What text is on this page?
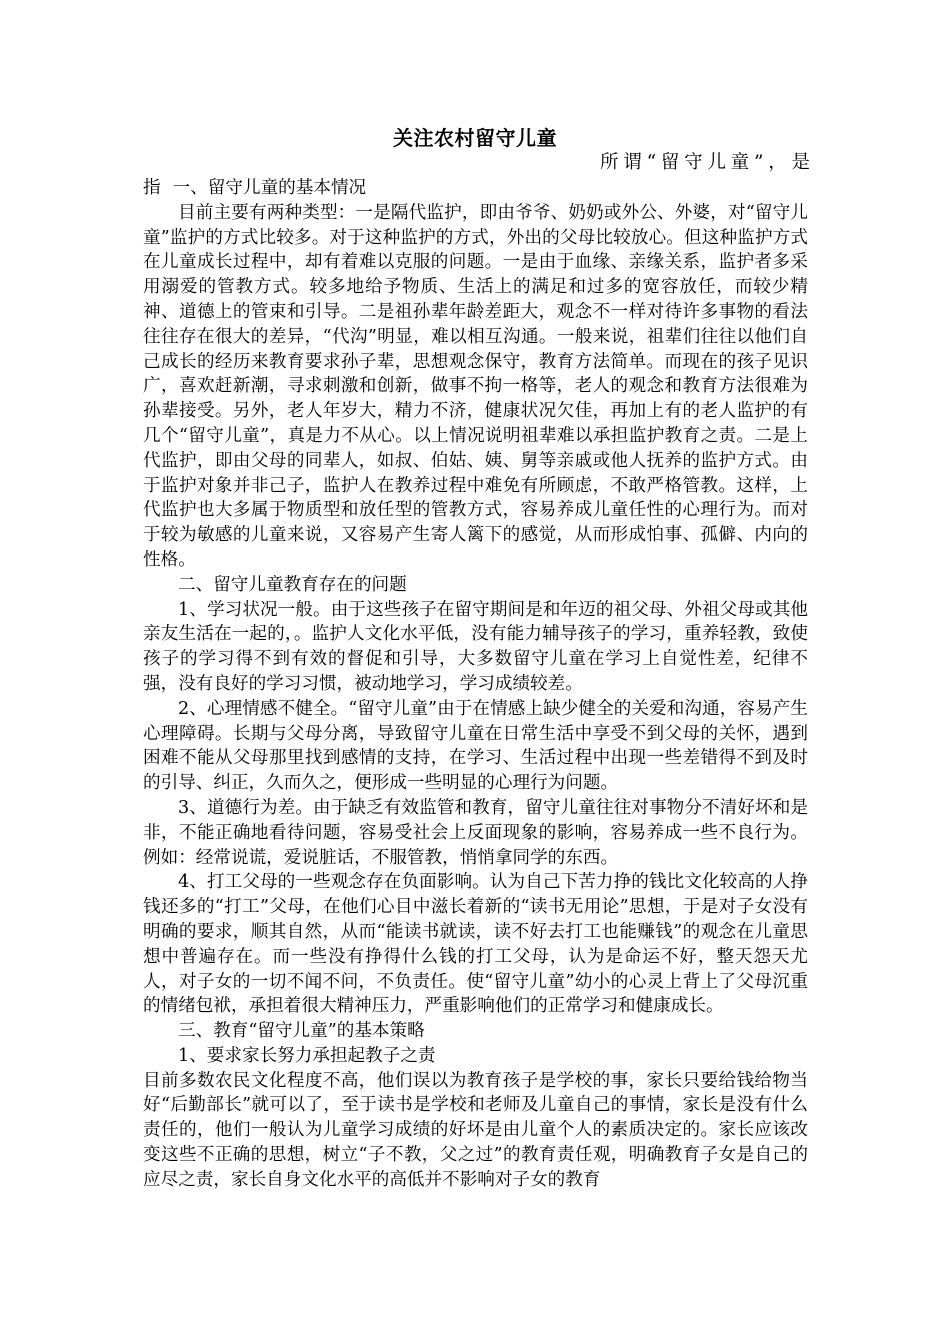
关注农村留守儿童
所谓“留守儿童”，是

指 一、留守儿童的基本情况

目前主要有两种类型：一是隔代监护，即由爷爷、奶奶或外公、外婆，对“留守儿童”监护的方式比较多。对于这种监护的方式，外出的父母比较放心。但这种监护方式在儿童成长过程中，却有着难以克服的问题。一是由于血缘、亲缘关系，监护者多采用溺爱的管教方式。较多地给予物质、生活上的满足和过多的宽容放任，而较少精神、道德上的管束和引导。二是祖孙辈年龄差距大，观念不一样对待许多事物的看法往往存在很大的差异，“代沟”明显，难以相互沟通。一般来说，祖辈们往往以他们自己成长的经历来教育要求孙子辈，思想观念保守，教育方法简单。而现在的孩子见识广，喜欢赶新潮，寻求刺激和创新，做事不拘一格等，老人的观念和教育方法很难为孙辈接受。另外，老人年岁大，精力不济，健康状况欠佳，再加上有的老人监护的有几个“留守儿童”，真是力不从心。以上情况说明祖辈难以承担监护教育之责。二是上代监护，即由父母的同辈人，如叔、伯姑、姨、舅等亲戚或他人抚养的监护方式。由于监护对象并非己子，监护人在教养过程中难免有所顾虑，不敢严格管教。这样，上代监护也大多属于物质型和放任型的管教方式，容易养成儿童任性的心理行为。而对于较为敏感的儿童来说，又容易产生寄人篱下的感觉，从而形成怕事、孤僻、内向的性格。

二、留守儿童教育存在的问题

1、学习状况一般。由于这些孩子在留守期间是和年迈的祖父母、外祖父母或其他亲友生活在一起的，。监护人文化水平低，没有能力辅导孩子的学习，重养轻教，致使孩子的学习得不到有效的督促和引导，大多数留守儿童在学习上自觉性差，纪律不强，没有良好的学习习惯，被动地学习，学习成绩较差。

2、心理情感不健全。“留守儿童”由于在情感上缺少健全的关爱和沟通，容易产生心理障碍。长期与父母分离，导致留守儿童在日常生活中享受不到父母的关怀，遇到困难不能从父母那里找到感情的支持，在学习、生活过程中出现一些差错得不到及时的引导、纠正，久而久之，便形成一些明显的心理行为问题。

3、道德行为差。由于缺乏有效监管和教育，留守儿童往往对事物分不清好坏和是非，不能正确地看待问题，容易受社会上反面现象的影响，容易养成一些不良行为。例如：经常说谎，爱说脏话，不服管教，悄悄拿同学的东西。

4、打工父母的一些观念存在负面影响。认为自己下苦力挣的钱比文化较高的人挣钱还多的“打工”父母，在他们心目中滋长着新的“读书无用论”思想，于是对子女没有明确的要求，顺其自然，从而“能读书就读，读不好去打工也能赚钱”的观念在儿童思想中普遍存在。而一些没有挣得什么钱的打工父母，认为是命运不好，整天怨天尤人，对子女的一切不闻不问，不负责任。使“留守儿童”幼小的心灵上背上了父母沉重的情绪包袱，承担着很大精神压力，严重影响他们的正常学习和健康成长。

三、教育“留守儿童”的基本策略

1、要求家长努力承担起教子之责

目前多数农民文化程度不高，他们误以为教育孩子是学校的事，家长只要给钱给物当好“后勤部长”就可以了，至于读书是学校和老师及儿童自己的事情，家长是没有什么责任的，他们一般认为儿童学习成绩的好坏是由儿童个人的素质决定的。家长应该改变这些不正确的思想，树立“子不教，父之过”的教育责任观，明确教育子女是自己的应尽之责，家长自身文化水平的高低并不影响对子女的教育
